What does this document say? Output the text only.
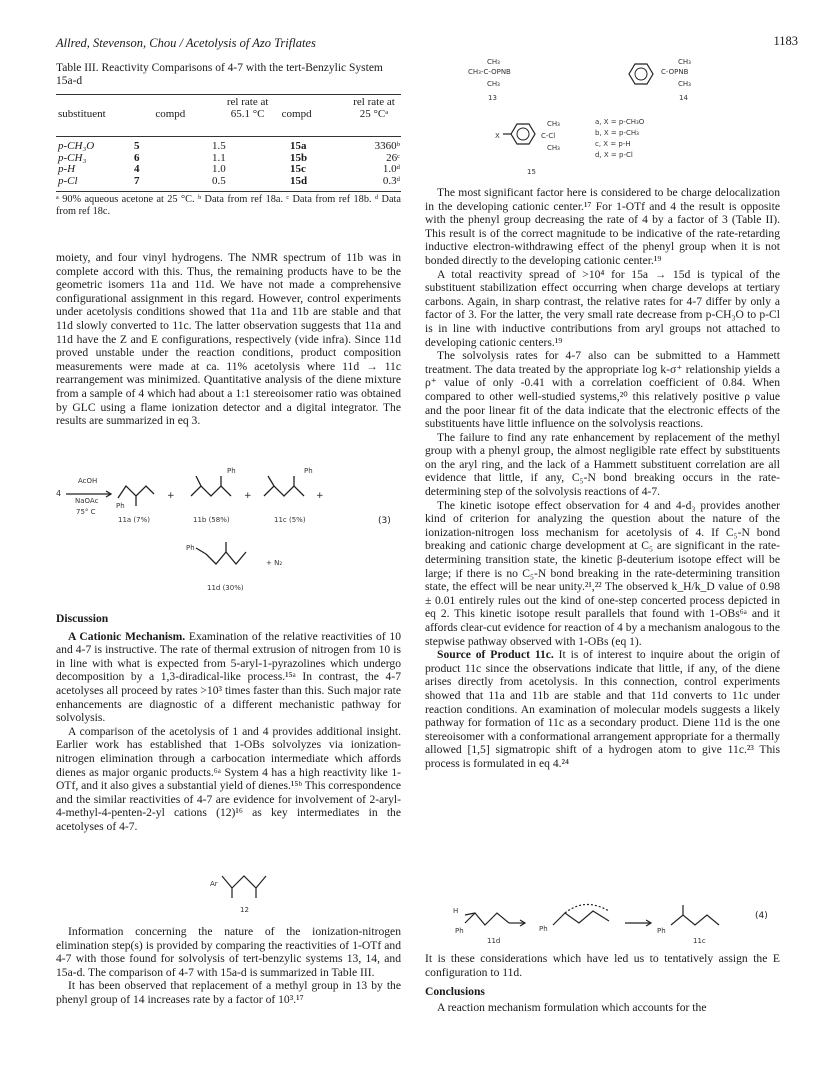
Allred, Stevenson, Chou / Acetolysis of Azo Triflates	1183
Table III. Reactivity Comparisons of 4-7 with the tert-Benzylic System 15a-d
substituent	compd	rel rate at 65.1 °C	compd	rel rate at 25 °Cᵃ
p-CH₃O	5	1.5	15a	3360ᵇ
p-CH₃	6	1.1	15b	26ᶜ
p-H	4	1.0	15c	1.0ᵈ
p-Cl	7	0.5	15d	0.3ᵈ
ᵃ 90% aqueous acetone at 25 °C. ᵇ Data from ref 18a. ᶜ Data from ref 18b. ᵈ Data from ref 18c.

moiety, and four vinyl hydrogens. The NMR spectrum of 11b was in complete accord with this. Thus, the remaining products have to be the geometric isomers 11a and 11d. We have not made a comprehensive configurational assignment in this regard. However, control experiments under acetolysis conditions showed that 11a and 11b are stable and that 11d slowly converted to 11c. The latter observation suggests that 11a and 11d have the Z and E configurations, respectively (vide infra). Since 11d proved unstable under the reaction conditions, product composition measurements were made at ca. 11% acetolysis where 11d → 11c rearrangement was minimized. Quantitative analysis of the diene mixture from a sample of 4 which had about a 1:1 stereoisomer ratio was obtained by GLC using a flame ionization detector and a digital integrator. The results are summarized in eq 3.

4
AcOH
NaOAc
75° C
+	+	+
Ph
Ph	Ph
Ph
11a (7%)	11b (58%)	11c (5%)
11d (30%)
+ N₂
(3)

Discussion

A Cationic Mechanism. Examination of the relative reactivities of 10 and 4-7 is instructive. The rate of thermal extrusion of nitrogen from 10 is in line with what is expected from 5-aryl-1-pyrazolines which undergo decomposition by a 1,3-diradical-like process.¹⁵ᵃ In contrast, the 4-7 acetolyses all proceed by rates >10³ times faster than this. Such major rate enhancements are diagnostic of a different mechanistic pathway for solvolysis.

A comparison of the acetolysis of 1 and 4 provides additional insight. Earlier work has established that 1-OBs solvolyzes via ionization-nitrogen elimination through a carbocation intermediate which affords dienes as major organic products.⁶ᵃ System 4 has a high reactivity like 1-OTf, and it also gives a substantial yield of dienes.¹⁵ᵇ This correspondence and the similar reactivities of 4-7 are evidence for involvement of 2-aryl-4-methyl-4-penten-2-yl cations (12)¹⁶ as key intermediates in the acetolyses of 4-7.

Ar
12

Information concerning the nature of the ionization-nitrogen elimination step(s) is provided by comparing the reactivities of 1-OTf and 4-7 with those found for solvolysis of tert-benzylic systems 13, 14, and 15a-d. The comparison of 4-7 with 15a-d is summarized in Table III.

It has been observed that replacement of a methyl group in 13 by the phenyl group of 14 increases rate by a factor of 10³.¹⁷

CH₃
CH₃-C-OPNB
CH₃
13
CH₃
C-OPNB
CH₃
14
X
CH₃
C-Cl
CH₃
15
a, X = p-CH₃O
b, X = p-CH₃
c, X = p-H
d, X = p-Cl

The most significant factor here is considered to be charge delocalization in the developing cationic center.¹⁷ For 1-OTf and 4 the result is opposite with the phenyl group decreasing the rate of 4 by a factor of 3 (Table II). This result is of the correct magnitude to be indicative of the rate-retarding inductive electron-withdrawing effect of the phenyl group when it is not bonded directly to the developing cationic center.¹⁹

A total reactivity spread of >10⁴ for 15a → 15d is typical of the substituent stabilization effect occurring when charge develops at tertiary carbons. Again, in sharp contrast, the relative rates for 4-7 differ by only a factor of 3. For the latter, the very small rate decrease from p-CH₃O to p-Cl is in line with inductive contributions from aryl groups not attached to developing cationic centers.¹⁹

The solvolysis rates for 4-7 also can be submitted to a Hammett treatment. The data treated by the appropriate log k-σ⁺ relationship yields a ρ⁺ value of only -0.41 with a correlation coefficient of 0.84. When compared to other well-studied systems,²⁰ this relatively positive ρ value and the poor linear fit of the data indicate that the electronic effects of the substituents have little influence on the solvolysis reactions.

The failure to find any rate enhancement by replacement of the methyl group with a phenyl group, the almost negligible rate effect by substituents on the aryl ring, and the lack of a Hammett substituent correlation are all evidence that little, if any, C₅-N bond breaking occurs in the rate-determining step of the solvolysis reactions of 4-7.

The kinetic isotope effect observation for 4 and 4-d₃ provides another kind of criterion for analyzing the question about the nature of the ionization-nitrogen loss mechanism for acetolysis of 4. If C₅-N bond breaking and cationic charge development at C₅ are significant in the rate-determining transition state, the kinetic β-deuterium isotope effect will be large; if there is no C₅-N bond breaking in the rate-determining transition state, the effect will be near unity.²¹,²² The observed k_H/k_D value of 0.98 ± 0.01 entirely rules out the kind of one-step concerted process depicted in eq 2. This kinetic isotope result parallels that found with 1-OBs⁶ᵃ and it affords clear-cut evidence for reaction of 4 by a mechanism analogous to the stepwise pathway observed with 1-OBs (eq 1).

Source of Product 11c. It is of interest to inquire about the origin of product 11c since the observations indicate that little, if any, of the diene arises directly from acetolysis. In this connection, control experiments showed that 11a and 11b are stable and that 11d converts to 11c under reaction conditions. An examination of molecular models suggests a likely pathway for formation of 11c as a secondary product. Diene 11d is the one stereoisomer with a conformational arrangement appropriate for a thermally allowed [1,5] sigmatropic shift of a hydrogen atom to give 11c.²³ This process is formulated in eq 4.²⁴

H
Ph	Ph	Ph
11d	11c
(4)

It is these considerations which have led us to tentatively assign the E configuration to 11d.

Conclusions

A reaction mechanism formulation which accounts for the
